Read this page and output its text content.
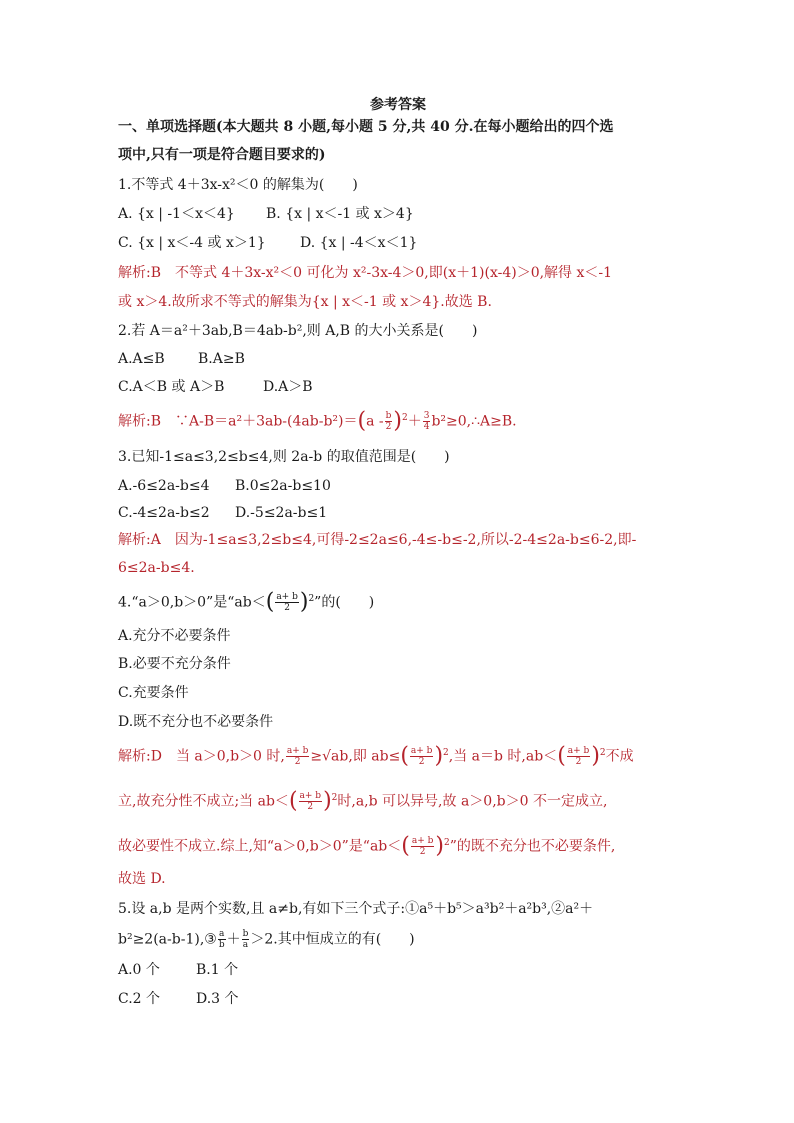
参考答案
一、单项选择题(本大题共 8 小题,每小题 5 分,共 40 分.在每小题给出的四个选
项中,只有一项是符合题目要求的)
1.不等式 4＋3x-x²＜0 的解集为(　　)
A. {x | -1＜x＜4} B. {x | x＜-1 或 x＞4}
C. {x | x＜-4 或 x＞1} D. {x | -4＜x＜1}
解析:B　不等式 4＋3x-x²＜0 可化为 x²-3x-4＞0,即(x＋1)(x-4)＞0,解得 x＜-1
或 x＞4.故所求不等式的解集为{x | x＜-1 或 x＞4}.故选 B.
2.若 A＝a²＋3ab,B＝4ab-b²,则 A,B 的大小关系是(　　)
A.A≤B B.A≥B
C.A＜B 或 A＞B	D.A＞B
解析:B　∵A-B＝a²＋3ab-(4ab-b²)＝(a - $\frac{b}{2} )^2+ \frac{3}{4}$ b²≥0,∴A≥B.
3.已知-1≤a≤3,2≤b≤4,则 2a-b 的取值范围是(　　)
A.-6≤2a-b≤4 B.0≤2a-b≤10
C.-4≤2a-b≤2 D.-5≤2a-b≤1
解析:A　因为-1≤a≤3,2≤b≤4,可得-2≤2a≤6,-4≤-b≤-2,所以-2-4≤2a-b≤6-2,即-
6≤2a-b≤4.
4.“a＞0,b＞0”是“$ab<( \frac{a+ b}{2} )^2$”的(　　)
A.充分不必要条件
B.必要不充分条件
C.充要条件
D.既不充分也不必要条件
解析:D　当 a＞0,b＞0 时, $\frac{a+ b}{2} \ge√ab$,即 $ab\le( \frac{a+ b}{2} )^2$,当 a＝b 时$,ab<( \frac{a+ b}{2} )^2$不成
立,故充分性不成立;当 $ab<( \frac{a+ b}{2} )^2$时,a,b 可以异号,故 a＞0,b＞0 不一定成立,
故必要性不成立.综上,知“a＞0,b＞0”是“$ab<( \frac{a+ b}{2} )^2$”的既不充分也不必要条件,
故选 D.
5.设 a,b 是两个实数,且 a≠b,有如下三个式子:①a⁵＋b⁵＞a³b²＋a²b³,②a²＋
b²≥2(a-b-1),③ $\frac{a}{b} + \frac{b}{a} >2$.其中恒成立的有(　　)
A.0 个	B.1 个
C.2 个	D.3 个
